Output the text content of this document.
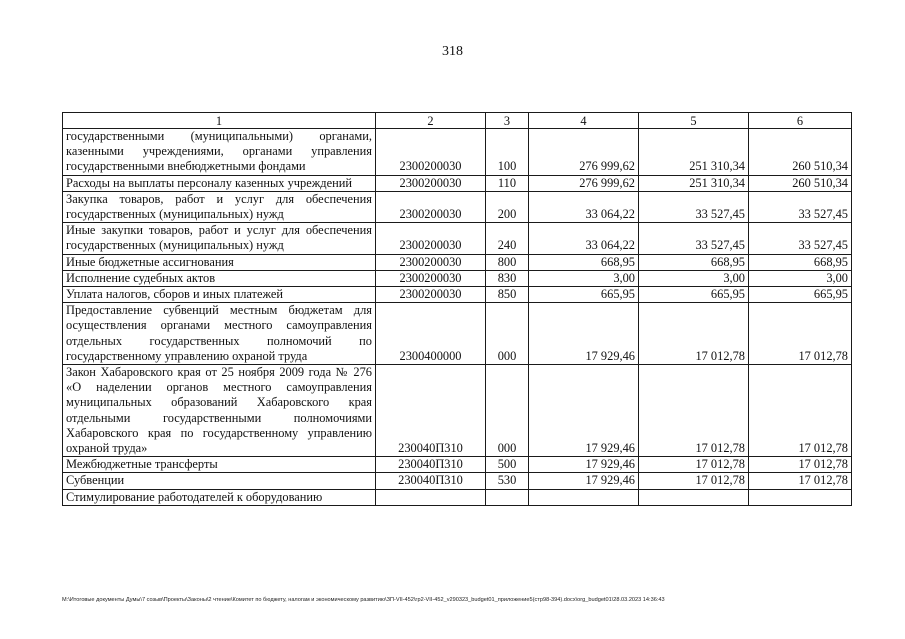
318
1	2	3	4	5	6
государственными (муниципальными) органами, казенными учреждениями, органами управления государственными внебюджетными фондами	2300200030	100	276 999,62	251 310,34	260 510,34
Расходы на выплаты персоналу казенных учреждений	2300200030	110	276 999,62	251 310,34	260 510,34
Закупка товаров, работ и услуг для обеспечения государственных (муниципальных) нужд	2300200030	200	33 064,22	33 527,45	33 527,45
Иные закупки товаров, работ и услуг для обеспечения государственных (муниципальных) нужд	2300200030	240	33 064,22	33 527,45	33 527,45
Иные бюджетные ассигнования	2300200030	800	668,95	668,95	668,95
Исполнение судебных актов	2300200030	830	3,00	3,00	3,00
Уплата налогов, сборов и иных платежей	2300200030	850	665,95	665,95	665,95
Предоставление субвенций местным бюджетам для осуществления органами местного самоуправления отдельных государственных полномочий по государственному управлению охраной труда	2300400000	000	17 929,46	17 012,78	17 012,78
Закон Хабаровского края от 25 ноября 2009 года № 276 «О наделении органов местного самоуправления муниципальных образований Хабаровского края отдельными государственными полномочиями Хабаровского края по государственному управлению охраной труда»	230040П310	000	17 929,46	17 012,78	17 012,78
Межбюджетные трансферты	230040П310	500	17 929,46	17 012,78	17 012,78
Субвенции	230040П310	530	17 929,46	17 012,78	17 012,78
Стимулирование работодателей к оборудованию					
M:\Итоговые документы Думы\7 созыв\Проекты\Законы\2 чтение\Комитет по бюджету, налогам и экономическому развитию\ЗП-VII-452\гр2-VII-452_v290323_budget01_приложение5(стр98-394).docx\org_budget01\28.03.2023 14:36:43
